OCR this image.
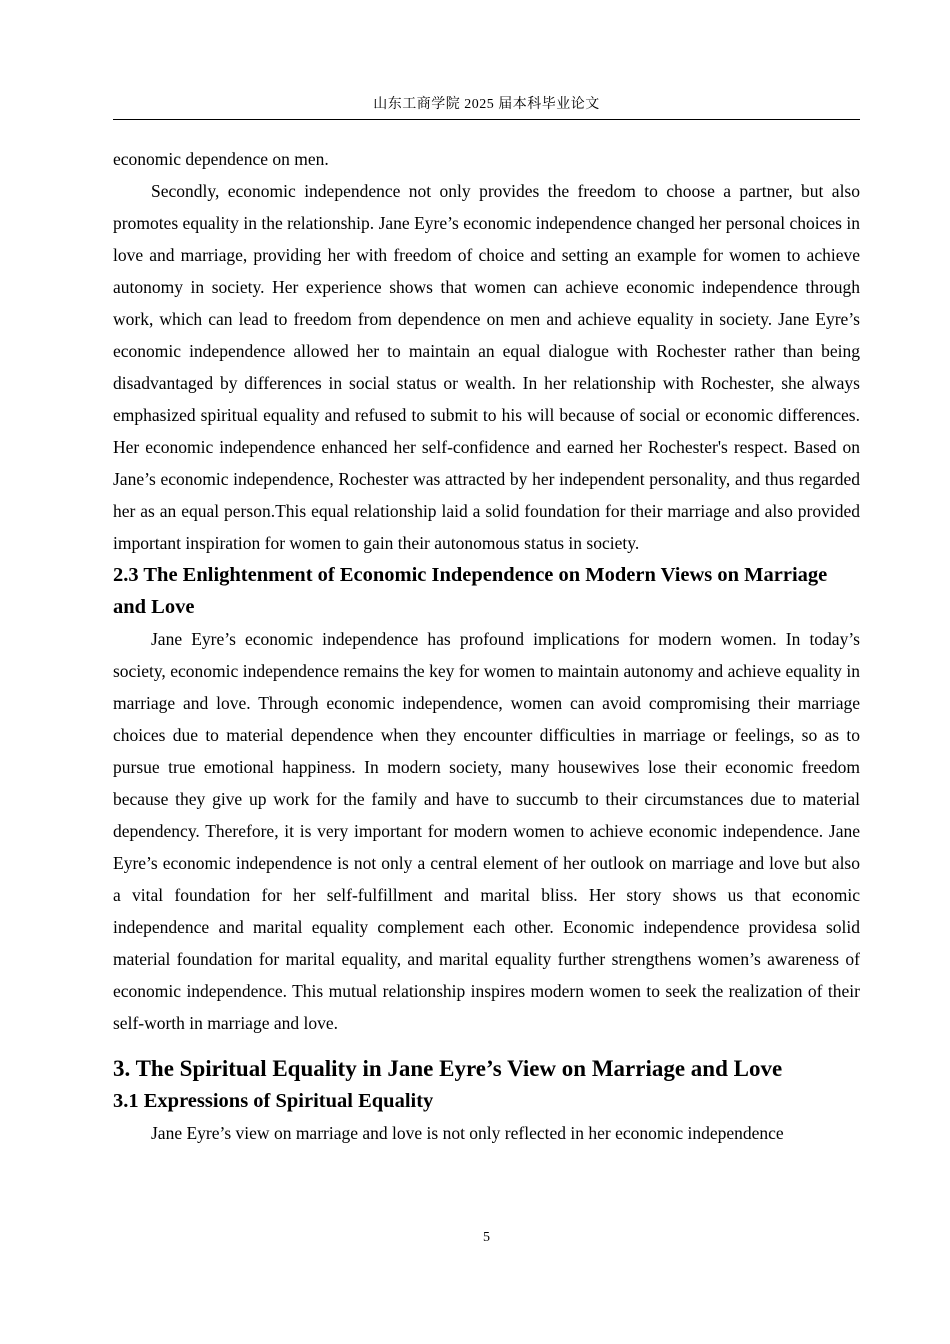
山东工商学院 2025 届本科毕业论文

economic dependence on men.

Secondly, economic independence not only provides the freedom to choose a partner, but also promotes equality in the relationship. Jane Eyre’s economic independence changed her personal choices in love and marriage, providing her with freedom of choice and setting an example for women to achieve autonomy in society. Her experience shows that women can achieve economic independence through work, which can lead to freedom from dependence on men and achieve equality in society. Jane Eyre’s economic independence allowed her to maintain an equal dialogue with Rochester rather than being disadvantaged by differences in social status or wealth. In her relationship with Rochester, she always emphasized spiritual equality and refused to submit to his will because of social or economic differences. Her economic independence enhanced her self-confidence and earned her Rochester's respect. Based on Jane’s economic independence, Rochester was attracted by her independent personality, and thus regarded her as an equal person.This equal relationship laid a solid foundation for their marriage and also provided important inspiration for women to gain their autonomous status in society.

2.3 The Enlightenment of Economic Independence on Modern Views on Marriage and Love

Jane Eyre’s economic independence has profound implications for modern women. In today’s society, economic independence remains the key for women to maintain autonomy and achieve equality in marriage and love. Through economic independence, women can avoid compromising their marriage choices due to material dependence when they encounter difficulties in marriage or feelings, so as to pursue true emotional happiness. In modern society, many housewives lose their economic freedom because they give up work for the family and have to succumb to their circumstances due to material dependency. Therefore, it is very important for modern women to achieve economic independence. Jane Eyre’s economic independence is not only a central element of her outlook on marriage and love but also a vital foundation for her self-fulfillment and marital bliss. Her story shows us that economic independence and marital equality complement each other. Economic independence providesa solid material foundation for marital equality, and marital equality further strengthens women’s awareness of economic independence. This mutual relationship inspires modern women to seek the realization of their self-worth in marriage and love.

3. The Spiritual Equality in Jane Eyre’s View on Marriage and Love
3.1 Expressions of Spiritual Equality

Jane Eyre’s view on marriage and love is not only reflected in her economic independence

5
